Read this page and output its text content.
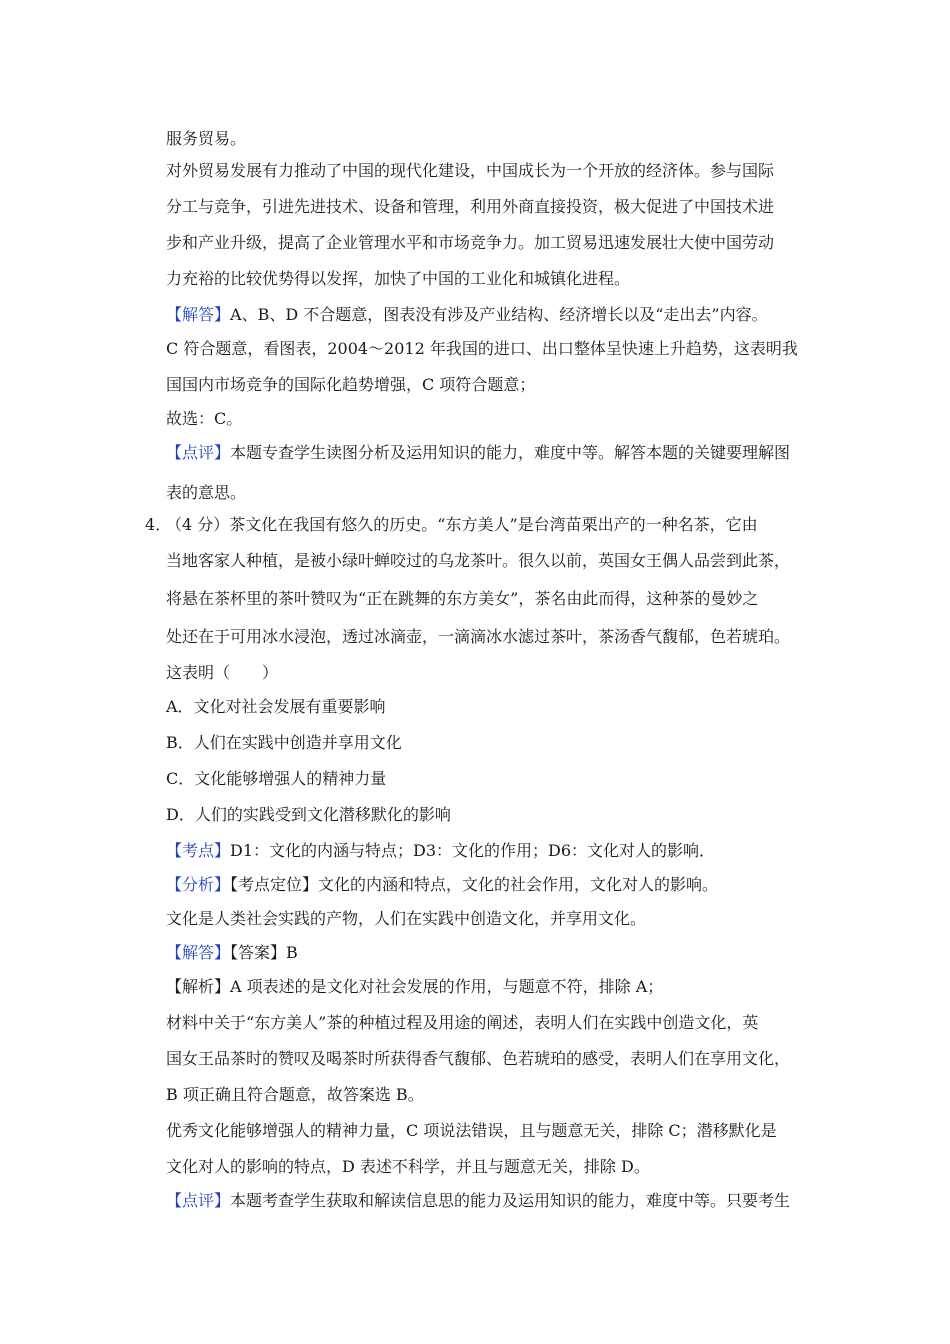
服务贸易。
对外贸易发展有力推动了中国的现代化建设，中国成长为一个开放的经济体。参与国际
分工与竞争，引进先进技术、设备和管理，利用外商直接投资，极大促进了中国技术进
步和产业升级，提高了企业管理水平和市场竞争力。加工贸易迅速发展壮大使中国劳动
力充裕的比较优势得以发挥，加快了中国的工业化和城镇化进程。
【解答】A、B、D 不合题意，图表没有涉及产业结构、经济增长以及“走出去”内容。
C 符合题意，看图表，2004～2012 年我国的进口、出口整体呈快速上升趋势，这表明我
国国内市场竞争的国际化趋势增强，C 项符合题意；
故选：C。
【点评】本题专查学生读图分析及运用知识的能力，难度中等。解答本题的关键要理解图
表的意思。
4．
（4 分）茶文化在我国有悠久的历史。“东方美人”是台湾苗栗出产的一种名茶，它由
当地客家人种植，是被小绿叶蝉咬过的乌龙茶叶。很久以前，英国女王偶人品尝到此茶，
将悬在茶杯里的茶叶赞叹为“正在跳舞的东方美女”，茶名由此而得，这种茶的曼妙之
处还在于可用冰水浸泡，透过冰滴壶，一滴滴冰水滤过茶叶，茶汤香气馥郁，色若琥珀。
这表明（　　）
A．文化对社会发展有重要影响
B．人们在实践中创造并享用文化
C．文化能够增强人的精神力量
D．人们的实践受到文化潜移默化的影响
【考点】D1：文化的内涵与特点；D3：文化的作用；D6：文化对人的影响．
【分析】【考点定位】文化的内涵和特点，文化的社会作用，文化对人的影响。
文化是人类社会实践的产物，人们在实践中创造文化，并享用文化。
【解答】【答案】B
【解析】A 项表述的是文化对社会发展的作用，与题意不符，排除 A；
材料中关于“东方美人”茶的种植过程及用途的阐述，表明人们在实践中创造文化，英
国女王品茶时的赞叹及喝茶时所获得香气馥郁、色若琥珀的感受，表明人们在享用文化，
B 项正确且符合题意，故答案选 B。
优秀文化能够增强人的精神力量，C 项说法错误，且与题意无关，排除 C；潜移默化是
文化对人的影响的特点，D 表述不科学，并且与题意无关，排除 D。
【点评】本题考查学生获取和解读信息思的能力及运用知识的能力，难度中等。只要考生
